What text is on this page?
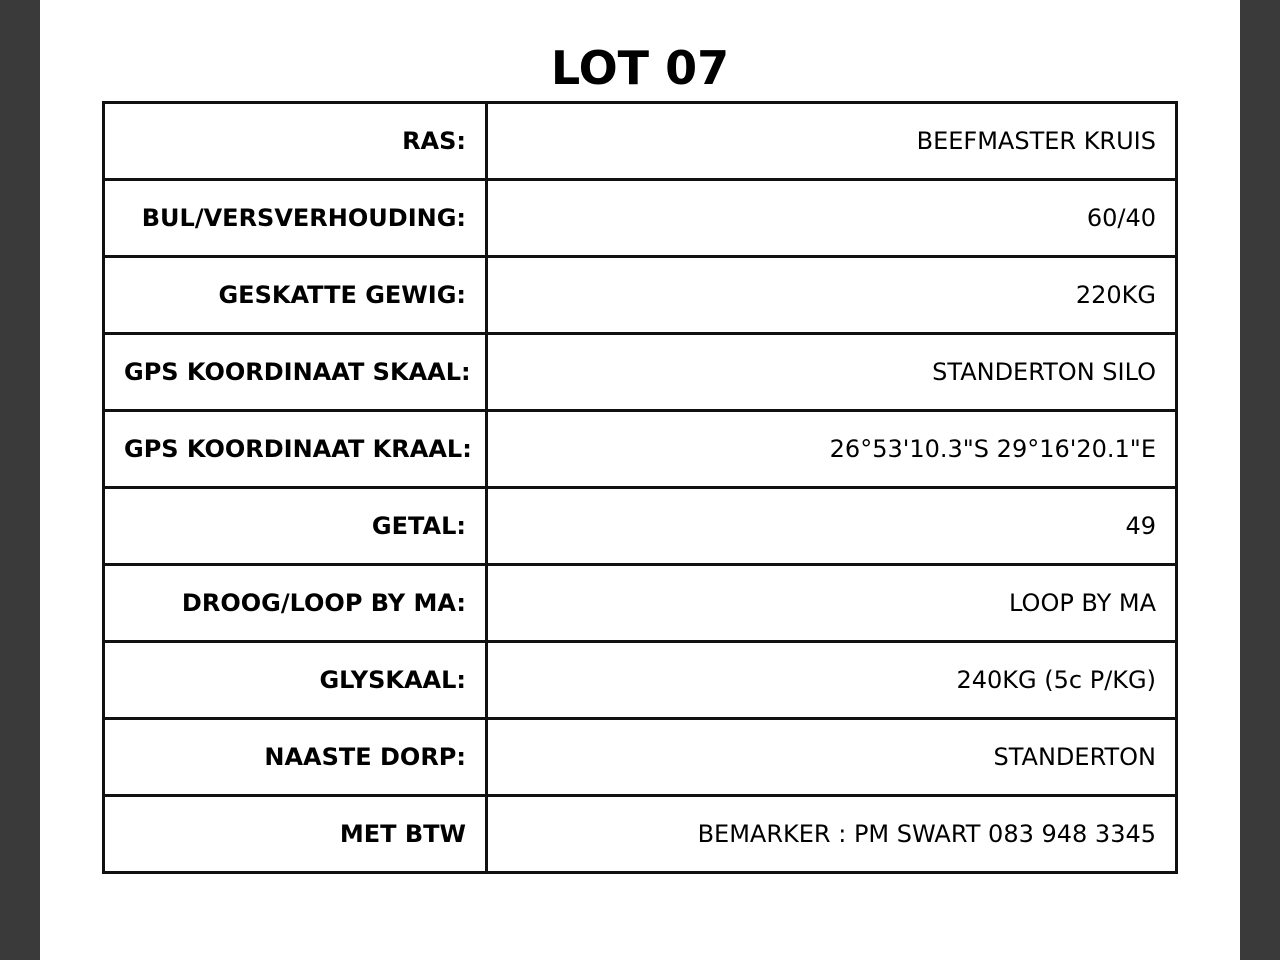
LOT 07
RAS:	BEEFMASTER KRUIS
BUL/VERSVERHOUDING:	60/40
GESKATTE GEWIG:	220KG
GPS KOORDINAAT SKAAL:	STANDERTON SILO
GPS KOORDINAAT KRAAL:	26°53'10.3"S 29°16'20.1"E
GETAL:	49
DROOG/LOOP BY MA:	LOOP BY MA
GLYSKAAL:	240KG (5c P/KG)
NAASTE DORP:	STANDERTON
MET BTW	BEMARKER : PM SWART 083 948 3345
